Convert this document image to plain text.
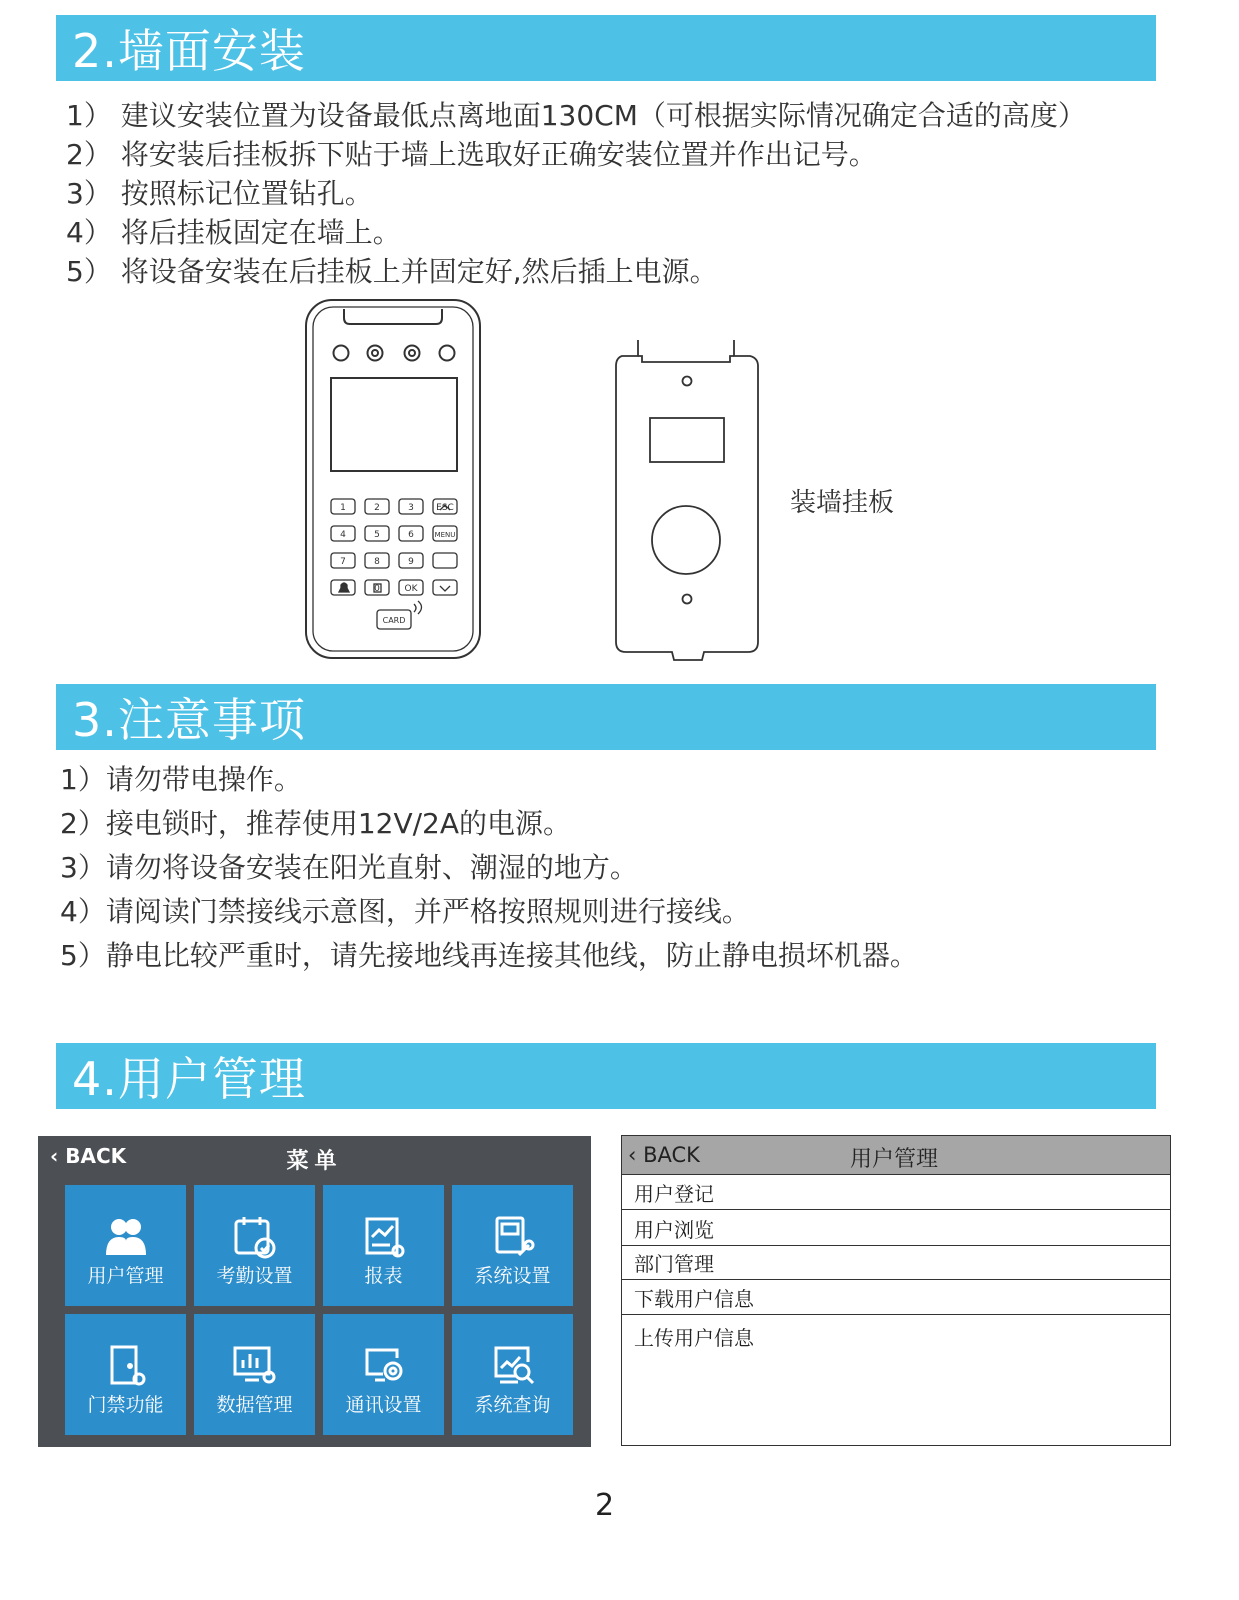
2.墙面安装
1） 建议安装位置为设备最低点离地面130CM（可根据实际情况确定合适的高度）
2） 将安装后挂板拆下贴于墙上选取好正确安装位置并作出记号。
3） 按照标记位置钻孔。
4） 将后挂板固定在墙上。
5） 将设备安装在后挂板上并固定好,然后插上电源。
1	2	3 ESC
4	5	6	MENU
7	8	9
0	OK
CARD
装墙挂板
3.注意事项
1）请勿带电操作。
2）接电锁时，推荐使用12V/2A的电源。
3）请勿将设备安装在阳光直射、潮湿的地方。
4）请阅读门禁接线示意图，并严格按照规则进行接线。
5）静电比较严重时，请先接地线再连接其他线，防止静电损坏机器。
4.用户管理
‹ BACK	菜单
用户管理	考勤设置	报表	系统设置
门禁功能	数据管理	通讯设置	系统查询
‹ BACK	用户管理
用户登记
用户浏览
部门管理
下载用户信息
上传用户信息
2
